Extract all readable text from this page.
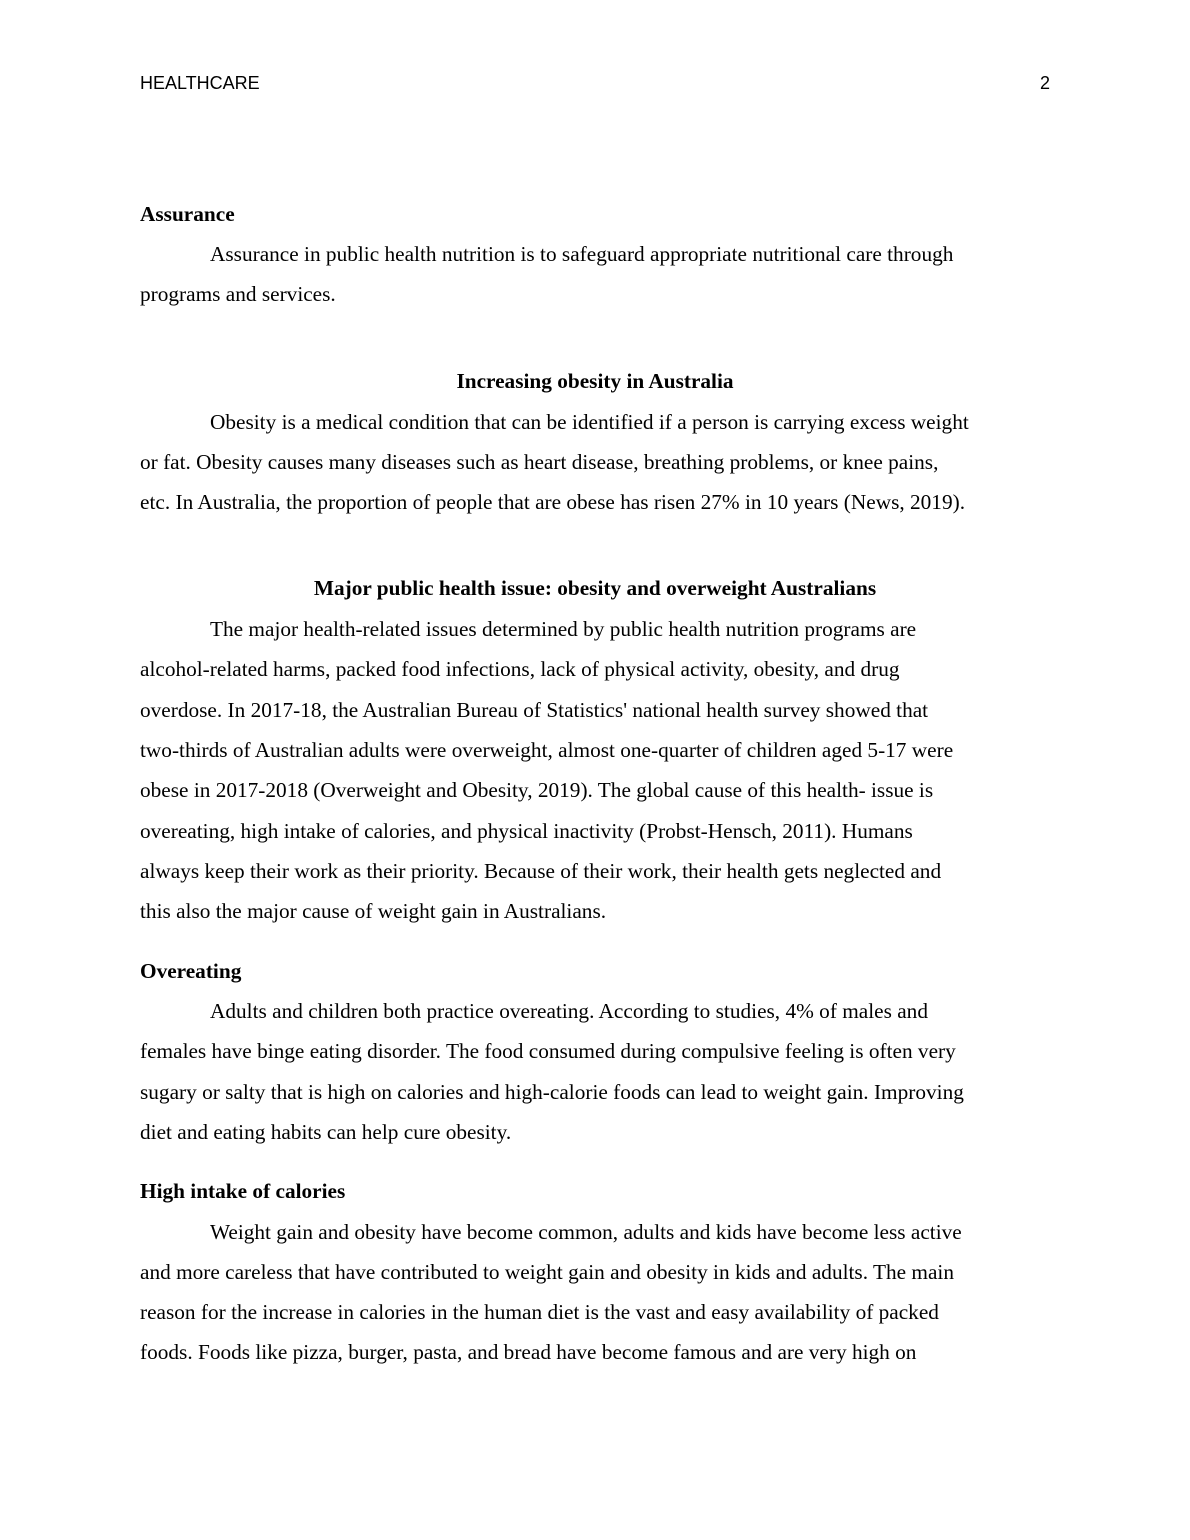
HEALTHCARE	2
Assurance
Assurance in public health nutrition is to safeguard appropriate nutritional care through
programs and services.
Increasing obesity in Australia
Obesity is a medical condition that can be identified if a person is carrying excess weight
or fat. Obesity causes many diseases such as heart disease, breathing problems, or knee pains,
etc. In Australia, the proportion of people that are obese has risen 27% in 10 years (News, 2019).
Major public health issue: obesity and overweight Australians
The major health-related issues determined by public health nutrition programs are
alcohol-related harms, packed food infections, lack of physical activity, obesity, and drug
overdose. In 2017-18, the Australian Bureau of Statistics' national health survey showed that
two-thirds of Australian adults were overweight, almost one-quarter of children aged 5-17 were
obese in 2017-2018 (Overweight and Obesity, 2019). The global cause of this health- issue is
overeating, high intake of calories, and physical inactivity (Probst-Hensch, 2011). Humans
always keep their work as their priority. Because of their work, their health gets neglected and
this also the major cause of weight gain in Australians.
Overeating
Adults and children both practice overeating. According to studies, 4% of males and
females have binge eating disorder. The food consumed during compulsive feeling is often very
sugary or salty that is high on calories and high-calorie foods can lead to weight gain. Improving
diet and eating habits can help cure obesity.
High intake of calories
Weight gain and obesity have become common, adults and kids have become less active
and more careless that have contributed to weight gain and obesity in kids and adults. The main
reason for the increase in calories in the human diet is the vast and easy availability of packed
foods. Foods like pizza, burger, pasta, and bread have become famous and are very high on
